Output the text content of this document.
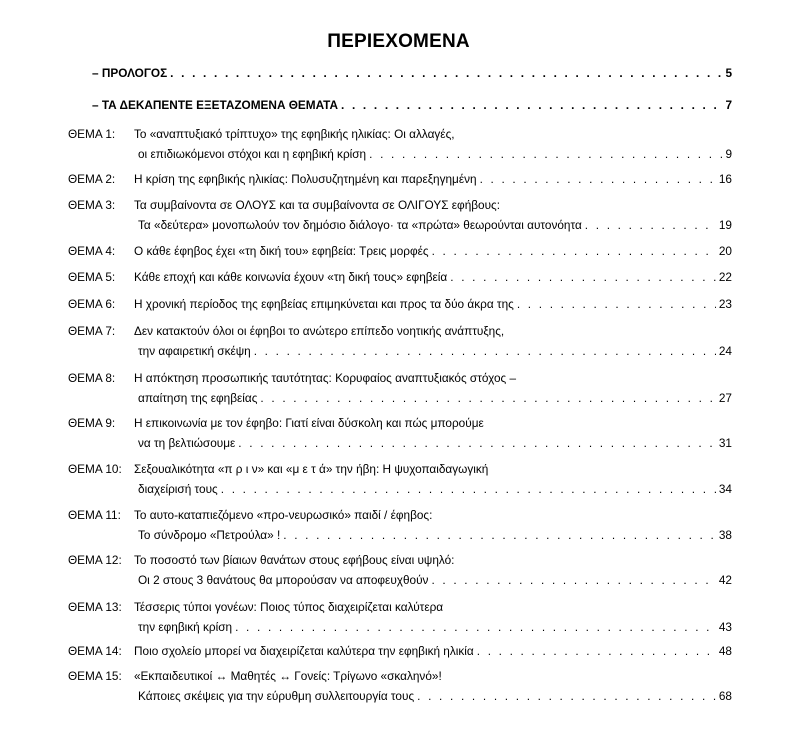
ΠΕΡΙΕΧΟΜΕΝΑ
– ΠΡΟΛΟΓΟΣ . . .	5
– ΤΑ ΔΕΚΑΠΕΝΤΕ ΕΞΕΤΑΖΟΜΕΝΑ ΘΕΜΑΤΑ . . .	7
ΘΕΜΑ 1: Το «αναπτυξιακό τρίπτυχο» της εφηβικής ηλικίας: Οι αλλαγές,
οι επιδιωκόμενοι στόχοι και η εφηβική κρίση . . .	9
ΘΕΜΑ 2: Η κρίση της εφηβικής ηλικίας: Πολυσυζητημένη και παρεξηγημένη . . .	16
ΘΕΜΑ 3: Τα συμβαίνοντα σε ΟΛΟΥΣ και τα συμβαίνοντα σε ΟΛΙΓΟΥΣ εφήβους:
Τα «δεύτερα» μονοπωλούν τον δημόσιο διάλογο· τα «πρώτα» θεωρούνται αυτονόητα . . .	19
ΘΕΜΑ 4: Ο κάθε έφηβος έχει «τη δική του» εφηβεία: Τρεις μορφές . . .	20
ΘΕΜΑ 5: Κάθε εποχή και κάθε κοινωνία έχουν «τη δική τους» εφηβεία . . .	22
ΘΕΜΑ 6: Η χρονική περίοδος της εφηβείας επιμηκύνεται και προς τα δύο άκρα της . . .	23
ΘΕΜΑ 7: Δεν κατακτούν όλοι οι έφηβοι το ανώτερο επίπεδο νοητικής ανάπτυξης,
την αφαιρετική σκέψη . . .	24
ΘΕΜΑ 8: Η απόκτηση προσωπικής ταυτότητας: Κορυφαίος αναπτυξιακός στόχος –
απαίτηση της εφηβείας . . .	27
ΘΕΜΑ 9: Η επικοινωνία με τον έφηβο: Γιατί είναι δύσκολη και πώς μπορούμε
να τη βελτιώσουμε . . .	31
ΘΕΜΑ 10: Σεξουαλικότητα «π ρ ι ν» και «μ ε τ ά» την ήβη: Η ψυχοπαιδαγωγική
διαχείρισή τους . . .	34
ΘΕΜΑ 11: Το αυτο-καταπιεζόμενο «προ-νευρωσικό» παιδί / έφηβος:
Το σύνδρομο «Πετρούλα» ! . . .	38
ΘΕΜΑ 12: Το ποσοστό των βίαιων θανάτων στους εφήβους είναι υψηλό:
Οι 2 στους 3 θανάτους θα μπορούσαν να αποφευχθούν . . .	42
ΘΕΜΑ 13: Τέσσερις τύποι γονέων: Ποιος τύπος διαχειρίζεται καλύτερα
την εφηβική κρίση . . .	43
ΘΕΜΑ 14: Ποιο σχολείο μπορεί να διαχειρίζεται καλύτερα την εφηβική ηλικία . . .	48
ΘΕΜΑ 15: «Εκπαιδευτικοί ↔ Μαθητές ↔ Γονείς: Τρίγωνο «σκαληνό»!
Κάποιες σκέψεις για την εύρυθμη συλλειτουργία τους . . .	68
